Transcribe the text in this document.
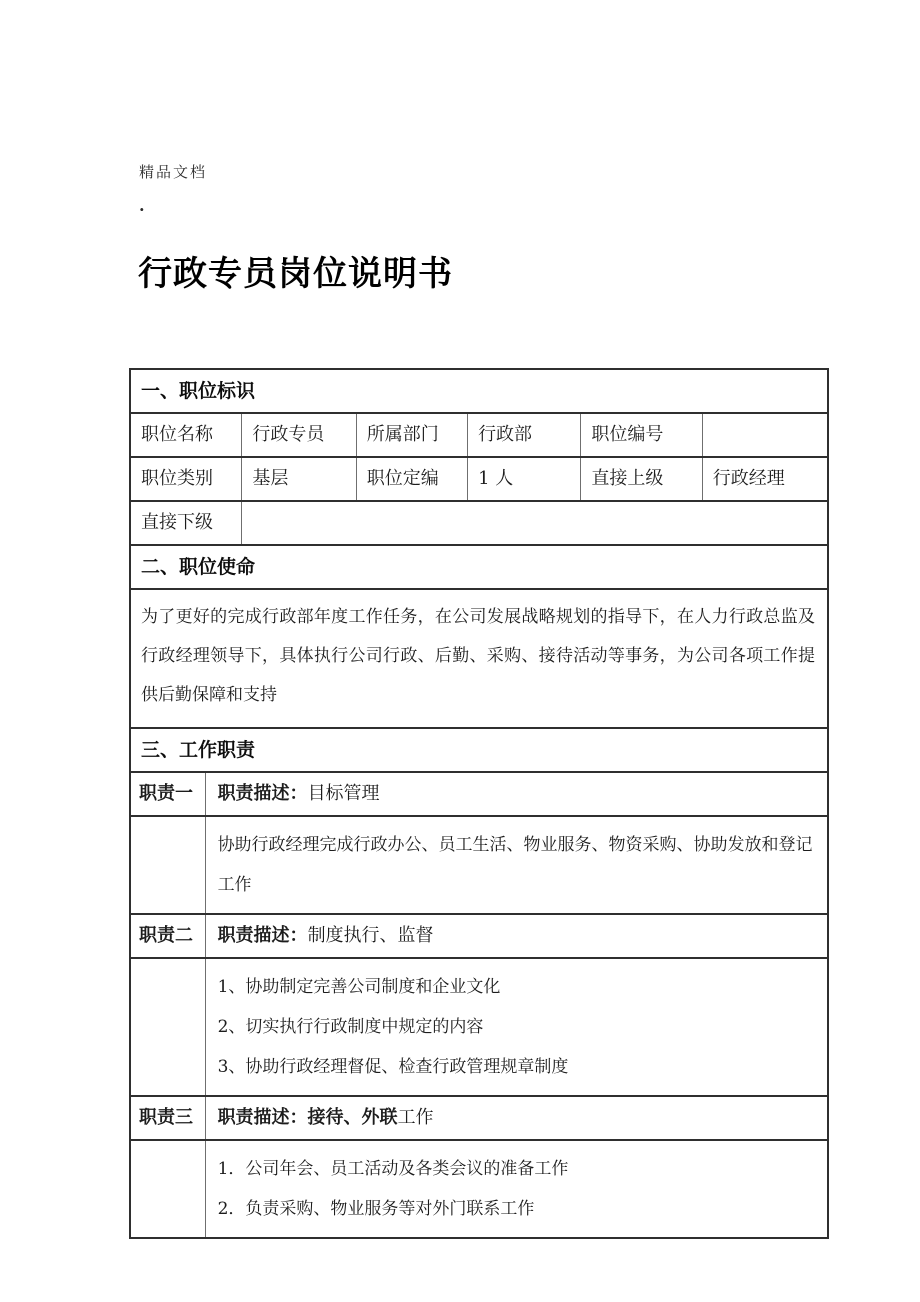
精品文档
.
行政专员岗位说明书
一、职位标识
职位名称	行政专员	所属部门	行政部	职位编号
职位类别	基层	职位定编	1 人	直接上级	行政经理
直接下级
二、职位使命
为了更好的完成行政部年度工作任务，在公司发展战略规划的指导下，在人力行政总监及行政经理领导下，具体执行公司行政、后勤、采购、接待活动等事务，为公司各项工作提供后勤保障和支持
三、工作职责
职责一	职责描述：目标管理

协助行政经理完成行政办公、员工生活、物业服务、物资采购、协助发放和登记工作

职责二	职责描述：制度执行、监督

1、协助制定完善公司制度和企业文化

2、切实执行行政制度中规定的内容

3、协助行政经理督促、检查行政管理规章制度

职责三	职责描述：接待、外联工作

1．公司年会、员工活动及各类会议的准备工作

2．负责采购、物业服务等对外门联系工作
